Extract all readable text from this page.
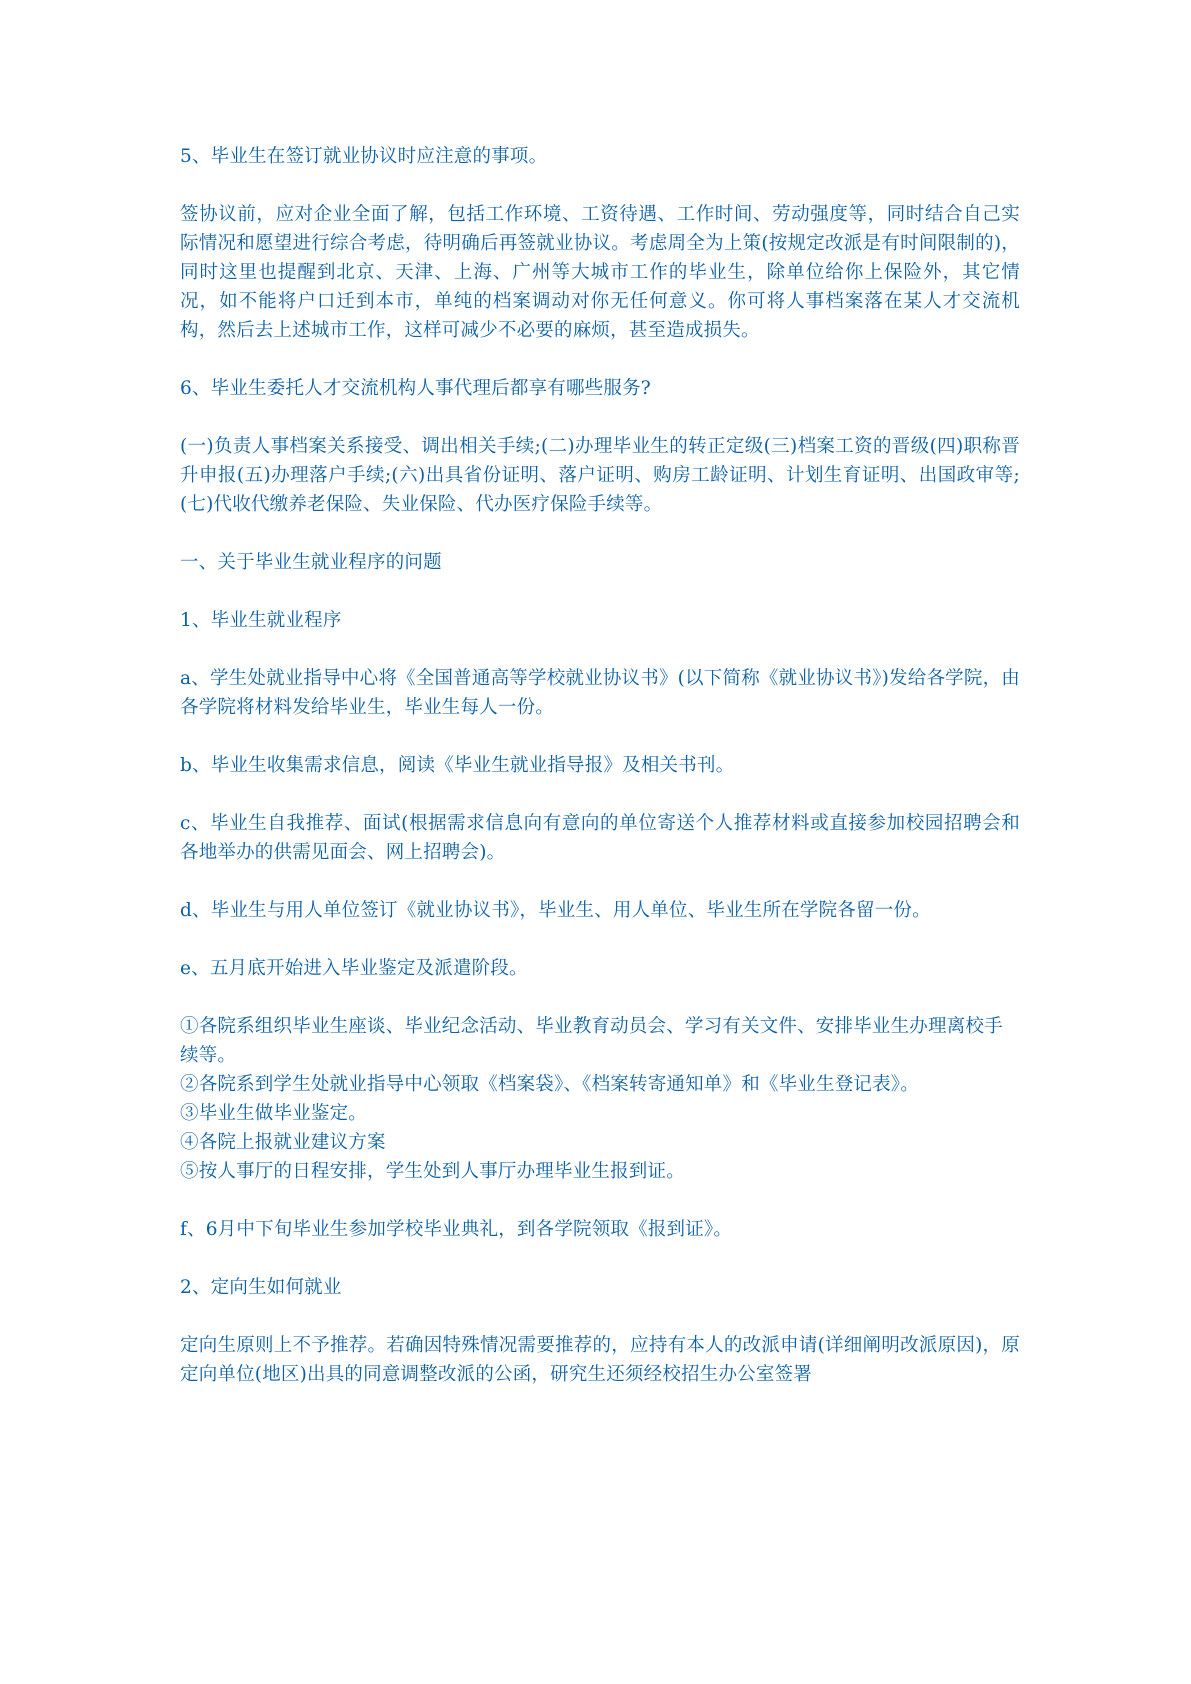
5、毕业生在签订就业协议时应注意的事项。
签协议前，应对企业全面了解，包括工作环境、工资待遇、工作时间、劳动强度等，同时结合自己实际情况和愿望进行综合考虑，待明确后再签就业协议。考虑周全为上策(按规定改派是有时间限制的)，同时这里也提醒到北京、天津、上海、广州等大城市工作的毕业生，除单位给你上保险外，其它情况，如不能将户口迁到本市，单纯的档案调动对你无任何意义。你可将人事档案落在某人才交流机构，然后去上述城市工作，这样可减少不必要的麻烦，甚至造成损失。
6、毕业生委托人才交流机构人事代理后都享有哪些服务?
(一)负责人事档案关系接受、调出相关手续;(二)办理毕业生的转正定级(三)档案工资的晋级(四)职称晋升申报(五)办理落户手续;(六)出具省份证明、落户证明、购房工龄证明、计划生育证明、出国政审等;(七)代收代缴养老保险、失业保险、代办医疗保险手续等。
一、关于毕业生就业程序的问题
1、毕业生就业程序
a、学生处就业指导中心将《全国普通高等学校就业协议书》(以下简称《就业协议书》)发给各学院，由各学院将材料发给毕业生，毕业生每人一份。
b、毕业生收集需求信息，阅读《毕业生就业指导报》及相关书刊。
c、毕业生自我推荐、面试(根据需求信息向有意向的单位寄送个人推荐材料或直接参加校园招聘会和各地举办的供需见面会、网上招聘会)。
d、毕业生与用人单位签订《就业协议书》，毕业生、用人单位、毕业生所在学院各留一份。
e、五月底开始进入毕业鉴定及派遣阶段。
①各院系组织毕业生座谈、毕业纪念活动、毕业教育动员会、学习有关文件、安排毕业生办理离校手续等。
②各院系到学生处就业指导中心领取《档案袋》、《档案转寄通知单》和《毕业生登记表》。
③毕业生做毕业鉴定。
④各院上报就业建议方案
⑤按人事厅的日程安排，学生处到人事厅办理毕业生报到证。
f、6月中下旬毕业生参加学校毕业典礼，到各学院领取《报到证》。
2、定向生如何就业
定向生原则上不予推荐。若确因特殊情况需要推荐的，应持有本人的改派申请(详细阐明改派原因)，原定向单位(地区)出具的同意调整改派的公函，研究生还须经校招生办公室签署
